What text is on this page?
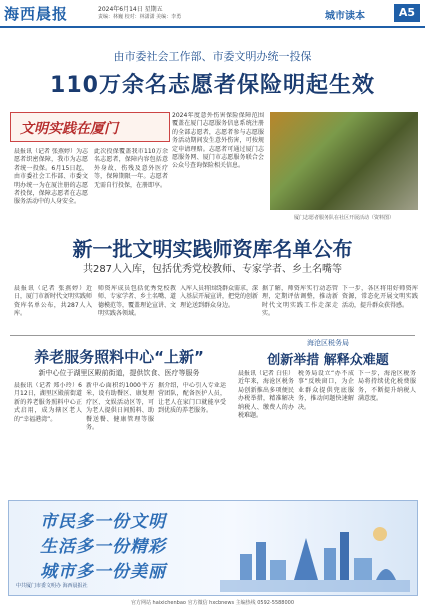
海西晨报	2024年6月14日 星期五
责编：林巍 校对：林潇潇 美编：李勇	城市读本	A5
由市委社会工作部、市委文明办统一投保
110万余名志愿者保险明起生效
文明实践在厦门
晨报讯（记者 张燕婷）为志愿者织密保障，我市为志愿者统一投保。6月15日起，由市委社会工作部、市委文明办统一为在厦注册的志愿者投保，保障志愿者在志愿服务活动中的人身安全。
此次投保覆盖我市110万余名志愿者，保障内容包括意外身故、伤残及意外医疗等，保障期限一年。志愿者无需自行投保，在册即享。
2024年度意外伤害保险保障范围覆盖在厦门志愿服务信息系统注册的全部志愿者，志愿者参与志愿服务活动期间发生意外伤害，可按规定申请理赔。志愿者可通过厦门志愿服务网、厦门市志愿服务联合会公众号查询保险相关信息。
厦门志愿者服务队在社区开展活动（资料图）
新一批文明实践师资库名单公布
共287人入库，包括优秀党校教师、专家学者、乡土名嘴等
晨报讯（记者 张燕婷）近日，厦门市新时代文明实践师资库名单公布，共287人入库。
师资库成员包括优秀党校教师、专家学者、乡土名嘴、道德模范等，覆盖理论宣讲、文明实践各领域。
入库人员将围绕群众需求，深入基层开展宣讲，把党的创新理论送到群众身边。
据了解，师资库实行动态管理，定期评估调整，推动新时代文明实践工作走深走实。
下一步，各区将用好师资库资源，常态化开展文明实践活动，提升群众获得感。
养老服务照料中心“上新”
新中心位于湖里区殿前街道，提供饮食、医疗等服务
晨报讯（记者 郑小玲）6月12日，湖里区殿前街道新的养老服务照料中心正式启用，成为辖区老人的“幸福港湾”。
新中心面积约1000平方米，设有助餐区、康复理疗区、文娱活动区等，可为老人提供日间照料、助餐送餐、健康管理等服务。
据介绍，中心引入专业运营团队，配备医护人员，让老人在家门口就能享受到优质的养老服务。
海沧区税务局
创新举措 解释众难题
晨报讯（记者 白佳）近年来，海沧区税务局创新推出多项便民办税举措，精准解决纳税人、缴费人的办税难题。
税务局设立“办不成事”反映窗口，为企业群众提供兜底服务，推动问题快速解决。
下一步，海沧区税务局将持续优化税费服务，不断提升纳税人满意度。
市民多一份文明
生活多一份精彩
城市多一份美丽
中共厦门市委文明办 海西晨报社
官方网站 haixichenbao 官方微信 hxcbnews 主编热线 0592-5588000
